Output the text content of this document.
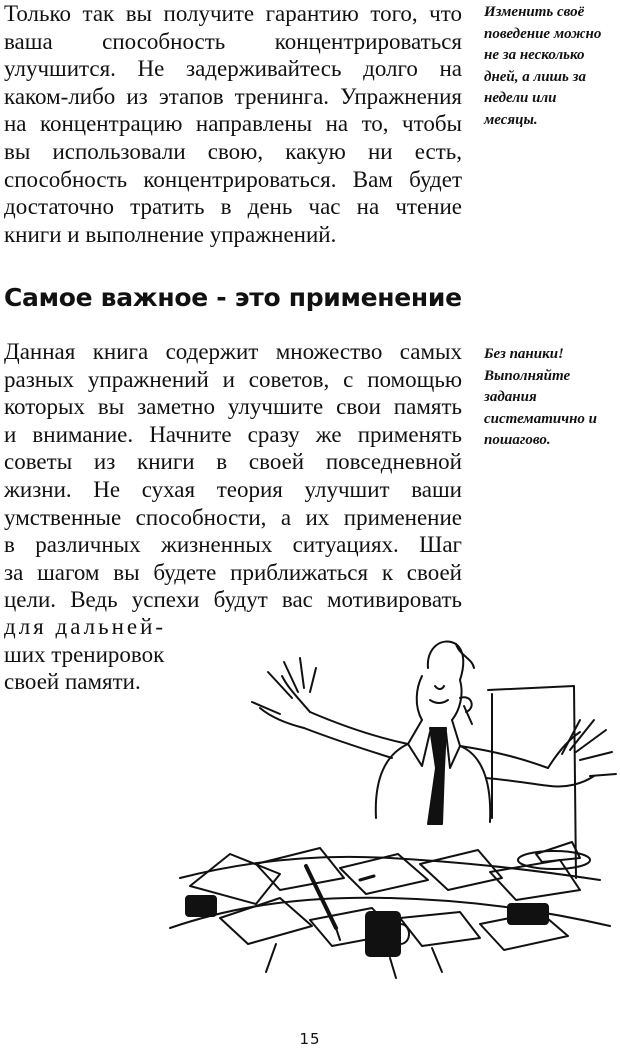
Только так вы получите гарантию того, что
ваша способность концентрироваться
улучшится. Не задерживайтесь долго на
каком-либо из этапов тренинга. Упражнения
на концентрацию направлены на то, чтобы
вы использовали свою, какую ни есть,
способность концентрироваться. Вам будет
достаточно тратить в день час на чтение
книги и выполнение упражнений.
Изменить своё
поведение можно
не за несколько
дней, а лишь за
недели или
месяцы.
Самое важное - это применение
Данная книга содержит множество самых
разных упражнений и советов, с помощью
которых вы заметно улучшите свои память
и внимание. Начните сразу же применять
советы из книги в своей повседневной
жизни. Не сухая теория улучшит ваши
умственные способности, а их применение
в различных жизненных ситуациях. Шаг
за шагом вы будете приближаться к своей
цели. Ведь успехи будут вас мотивировать
Без паники!
Выполняйте
задания
систематично и
пошагово.
для дальней-
ших тренировок
своей памяти.
15
